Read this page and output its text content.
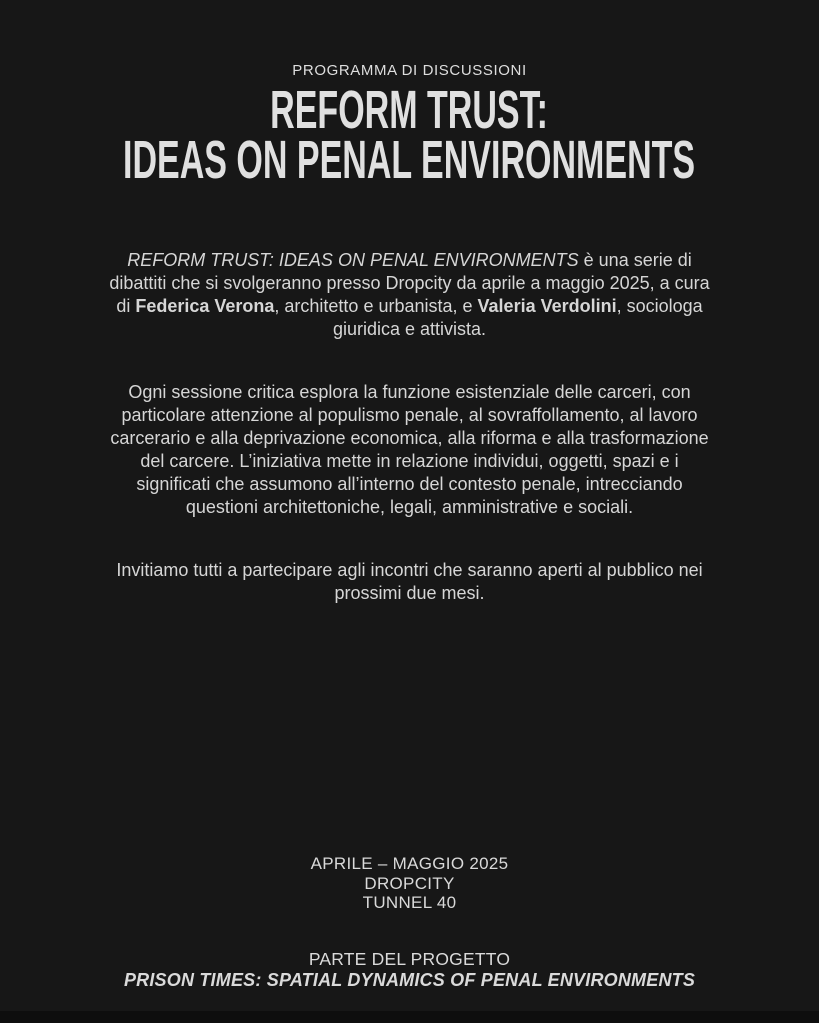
PROGRAMMA DI DISCUSSIONI
REFORM TRUST:
IDEAS ON PENAL ENVIRONMENTS

REFORM TRUST: IDEAS ON PENAL ENVIRONMENTS è una serie di dibattiti che si svolgeranno presso Dropcity da aprile a maggio 2025, a cura di Federica Verona, architetto e urbanista, e Valeria Verdolini, sociologa giuridica e attivista.

Ogni sessione critica esplora la funzione esistenziale delle carceri, con particolare attenzione al populismo penale, al sovraffollamento, al lavoro carcerario e alla deprivazione economica, alla riforma e alla trasformazione del carcere. L’iniziativa mette in relazione individui, oggetti, spazi e i significati che assumono all’interno del contesto penale, intrecciando questioni architettoniche, legali, amministrative e sociali.

Invitiamo tutti a partecipare agli incontri che saranno aperti al pubblico nei prossimi due mesi.

APRILE – MAGGIO 2025
DROPCITY
TUNNEL 40
PARTE DEL PROGETTO
PRISON TIMES: SPATIAL DYNAMICS OF PENAL ENVIRONMENTS
